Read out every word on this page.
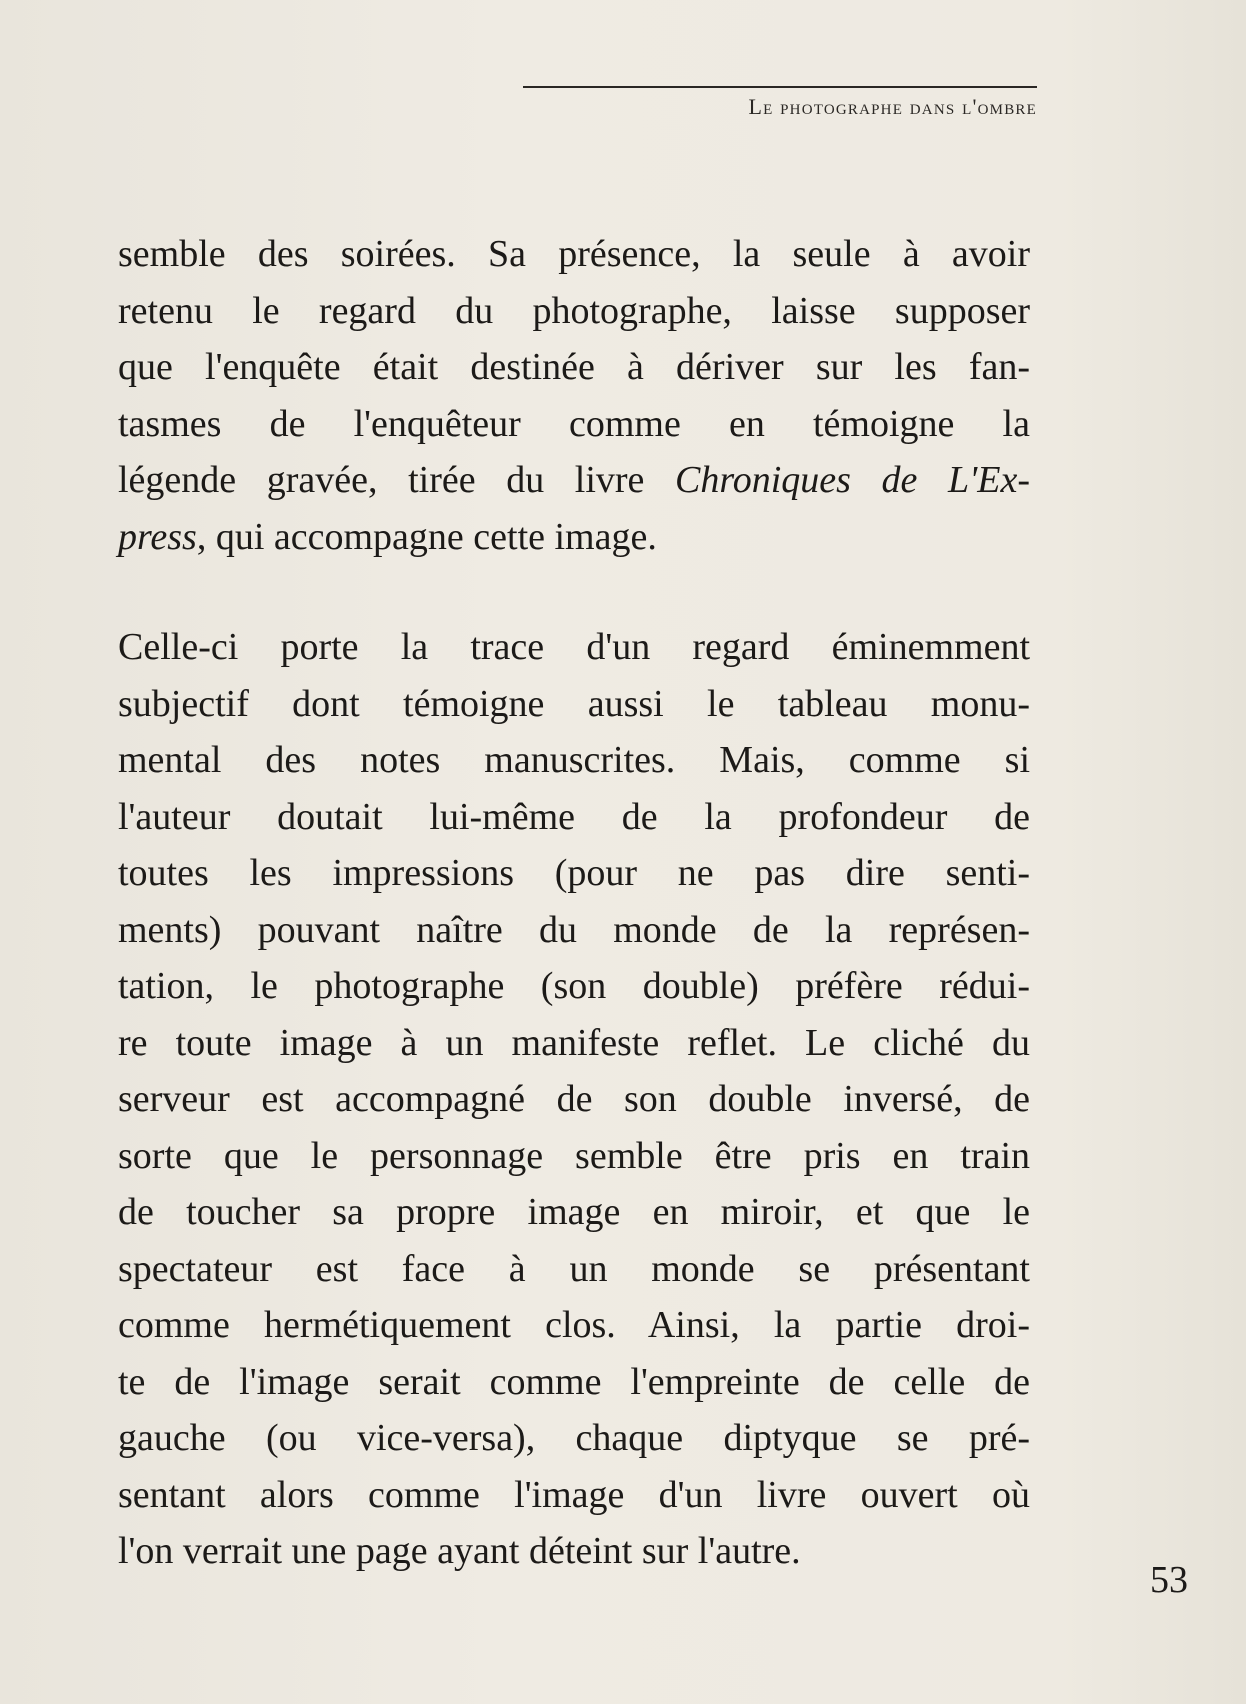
Le photographe dans l'ombre
semble des soirées. Sa présence, la seule à avoir
retenu le regard du photographe, laisse supposer
que l'enquête était destinée à dériver sur les fan-
tasmes de l'enquêteur comme en témoigne la
légende gravée, tirée du livre Chroniques de L'Ex-
press, qui accompagne cette image.
Celle-ci porte la trace d'un regard éminemment
subjectif dont témoigne aussi le tableau monu-
mental des notes manuscrites. Mais, comme si
l'auteur doutait lui-même de la profondeur de
toutes les impressions (pour ne pas dire senti-
ments) pouvant naître du monde de la représen-
tation, le photographe (son double) préfère rédui-
re toute image à un manifeste reflet. Le cliché du
serveur est accompagné de son double inversé, de
sorte que le personnage semble être pris en train
de toucher sa propre image en miroir, et que le
spectateur est face à un monde se présentant
comme hermétiquement clos. Ainsi, la partie droi-
te de l'image serait comme l'empreinte de celle de
gauche (ou vice-versa), chaque diptyque se pré-
sentant alors comme l'image d'un livre ouvert où
l'on verrait une page ayant déteint sur l'autre.
53
